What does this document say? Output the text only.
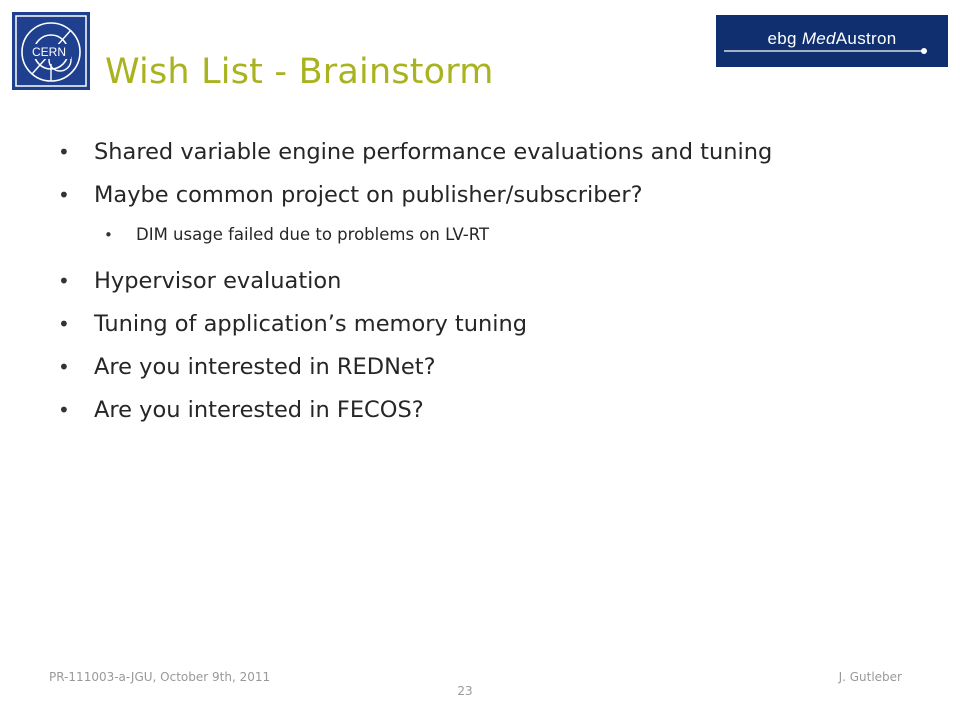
CERN
ebg MedAustron
Wish List - Brainstorm
• Shared variable engine performance evaluations and tuning
• Maybe common project on publisher/subscriber?
• DIM usage failed due to problems on LV-RT
• Hypervisor evaluation
• Tuning of application’s memory tuning
• Are you interested in REDNet?
• Are you interested in FECOS?
PR-111003-a-JGU, October 9th, 2011	J. Gutleber
23
